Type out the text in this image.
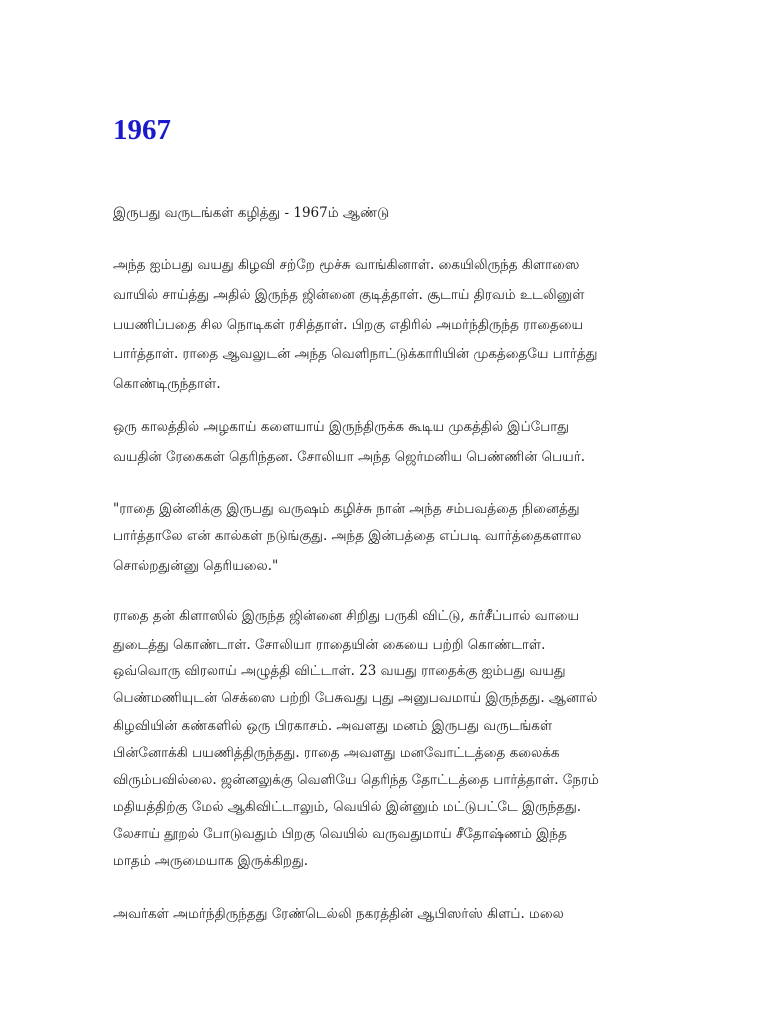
1967

இருபது வருடங்கள் கழித்து - 1967ம் ஆண்டு

அந்த ஐம்பது வயது கிழவி சற்றே மூச்சு வாங்கினாள். கையிலிருந்த கிளாஸை

வாயில் சாய்த்து அதில் இருந்த ஜின்னை குடித்தாள். சூடாய் திரவம் உடலினுள்

பயணிப்பதை சில நொடிகள் ரசித்தாள். பிறகு எதிரில் அமர்ந்திருந்த ராதையை

பார்த்தாள். ராதை ஆவலுடன் அந்த வெளிநாட்டுக்காரியின் முகத்தையே பார்த்து

கொண்டிருந்தாள்.

ஒரு காலத்தில் அழகாய் களையாய் இருந்திருக்க கூடிய முகத்தில் இப்போது

வயதின் ரேகைகள் தெரிந்தன. சோலியா அந்த ஜெர்மனிய பெண்ணின் பெயர்.

"ராதை இன்னிக்கு இருபது வருஷம் கழிச்சு நான் அந்த சம்பவத்தை நினைத்து

பார்த்தாலே என் கால்கள் நடுங்குது. அந்த இன்பத்தை எப்படி வார்த்தைகளால

சொல்றதுன்னு தெரியலை."

ராதை தன் கிளாஸில் இருந்த ஜின்னை சிறிது பருகி விட்டு, கர்சீப்பால் வாயை

துடைத்து கொண்டாள். சோலியா ராதையின் கையை பற்றி கொண்டாள்.

ஒவ்வொரு விரலாய் அழுத்தி விட்டாள். 23 வயது ராதைக்கு ஐம்பது வயது

பெண்மணியுடன் செக்ஸை பற்றி பேசுவது புது அனுபவமாய் இருந்தது. ஆனால்

கிழவியின் கண்களில் ஒரு பிரகாசம். அவளது மனம் இருபது வருடங்கள்

பின்னோக்கி பயணித்திருந்தது. ராதை அவளது மனவோட்டத்தை கலைக்க

விரும்பவில்லை. ஜன்னலுக்கு வெளியே தெரிந்த தோட்டத்தை பார்த்தாள். நேரம்

மதியத்திற்கு மேல் ஆகிவிட்டாலும், வெயில் இன்னும் மட்டுபட்டே இருந்தது.

லேசாய் தூறல் போடுவதும் பிறகு வெயில் வருவதுமாய் சீதோஷ்ணம் இந்த

மாதம் அருமையாக இருக்கிறது.

அவர்கள் அமர்ந்திருந்தது ரேண்டெல்லி நகரத்தின் ஆபிஸர்ஸ் கிளப். மலை
